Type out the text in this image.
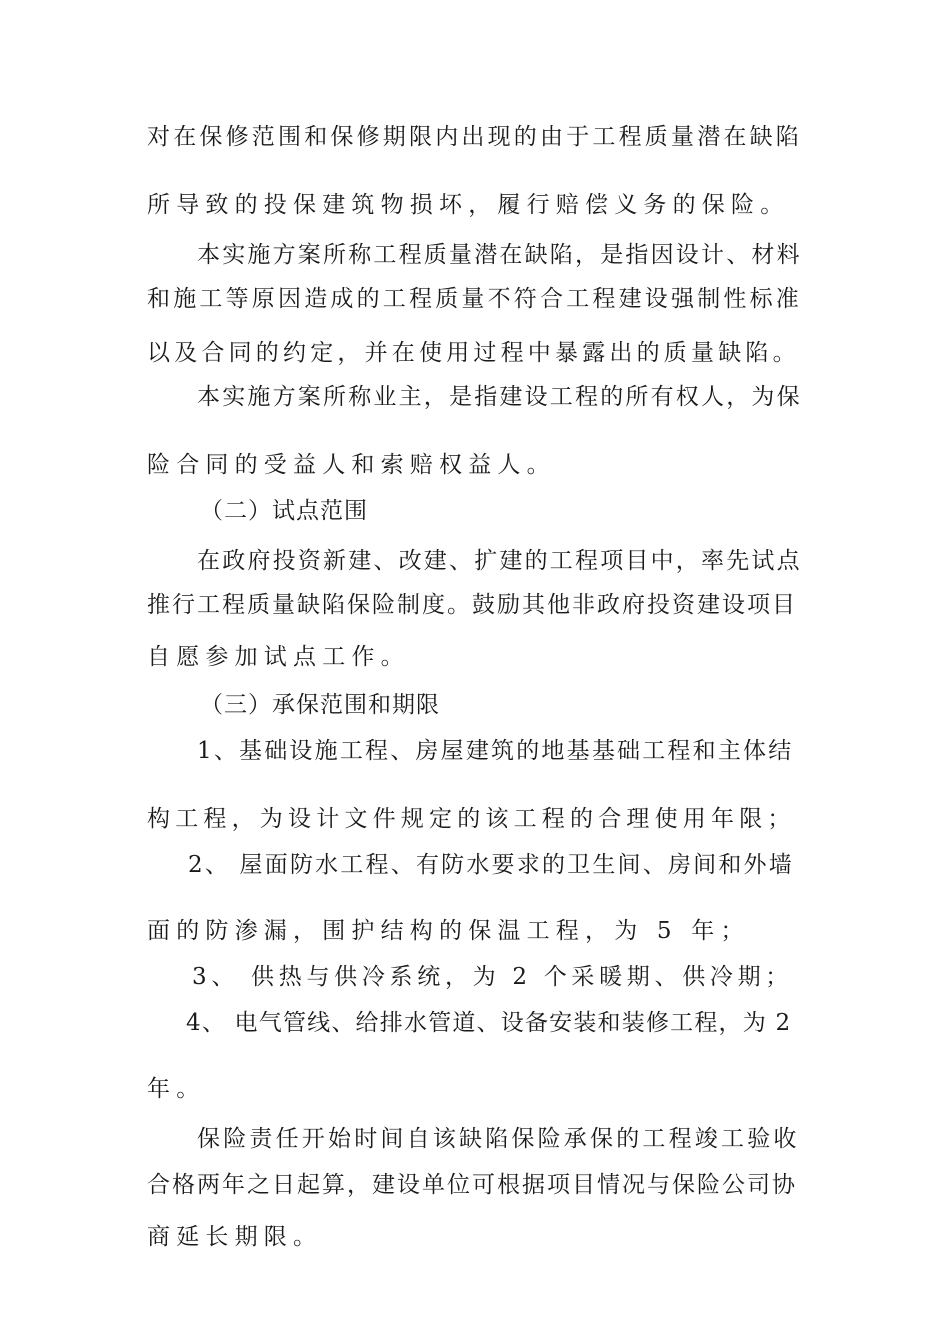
对在保修范围和保修期限内出现的由于工程质量潜在缺陷
所导致的投保建筑物损坏，履行赔偿义务的保险。
本实施方案所称工程质量潜在缺陷，是指因设计、材料
和施工等原因造成的工程质量不符合工程建设强制性标准
以及合同的约定，并在使用过程中暴露出的质量缺陷。
本实施方案所称业主，是指建设工程的所有权人，为保
险合同的受益人和索赔权益人。
（二）试点范围
在政府投资新建、改建、扩建的工程项目中，率先试点
推行工程质量缺陷保险制度。鼓励其他非政府投资建设项目
自愿参加试点工作。
（三）承保范围和期限
1、基础设施工程、房屋建筑的地基基础工程和主体结
构工程，为设计文件规定的该工程的合理使用年限；
2、 屋面防水工程、有防水要求的卫生间、房间和外墙
面的防渗漏，围护结构的保温工程，为 5 年；
3、 供热与供冷系统，为 2 个采暖期、供冷期；
4、 电气管线、给排水管道、设备安装和装修工程，为 2
年。
保险责任开始时间自该缺陷保险承保的工程竣工验收
合格两年之日起算，建设单位可根据项目情况与保险公司协
商延长期限。
